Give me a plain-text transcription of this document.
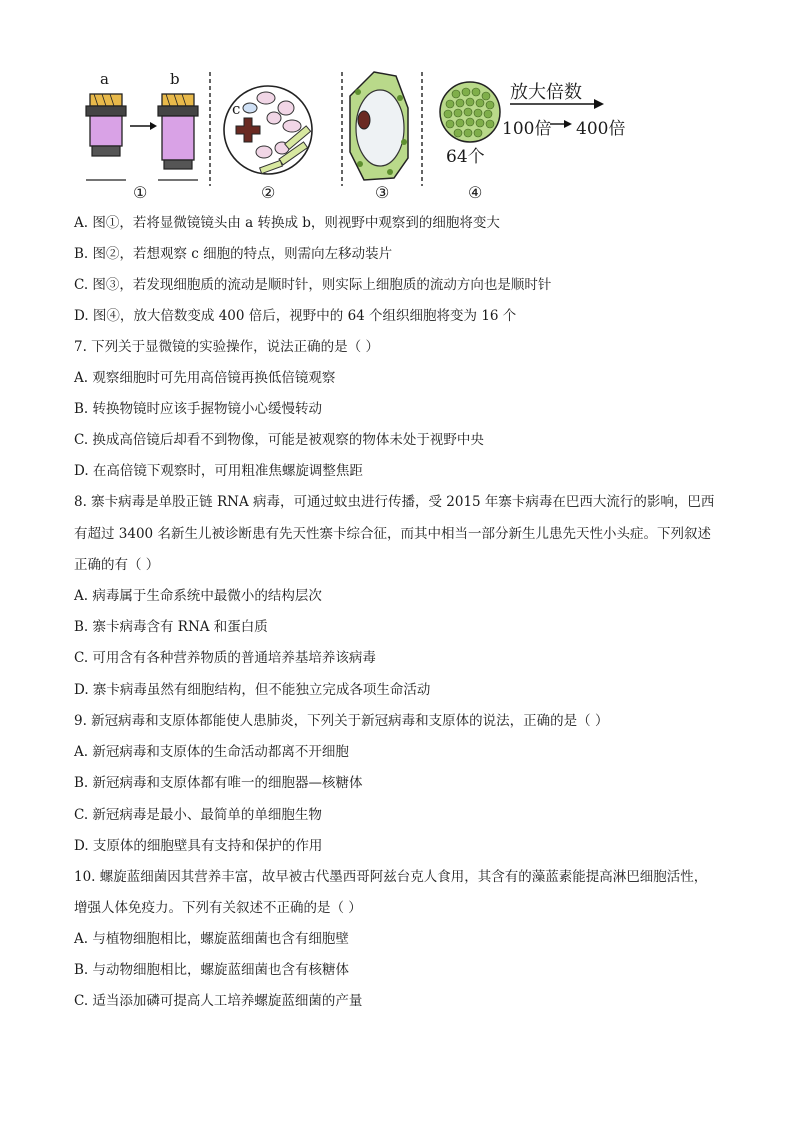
a	b
c
64个
放大倍数
100倍 400倍
①	②	③	④
A. 图①，若将显微镜镜头由 a 转换成 b，则视野中观察到的细胞将变大
B. 图②，若想观察 c 细胞的特点，则需向左移动装片
C. 图③，若发现细胞质的流动是顺时针，则实际上细胞质的流动方向也是顺时针
D. 图④，放大倍数变成 400 倍后，视野中的 64 个组织细胞将变为 16 个
7. 下列关于显微镜的实验操作，说法正确的是（ ）
A. 观察细胞时可先用高倍镜再换低倍镜观察
B. 转换物镜时应该手握物镜小心缓慢转动
C. 换成高倍镜后却看不到物像，可能是被观察的物体未处于视野中央
D. 在高倍镜下观察时，可用粗准焦螺旋调整焦距
8. 寨卡病毒是单股正链 RNA 病毒，可通过蚊虫进行传播，受 2015 年寨卡病毒在巴西大流行的影响，巴西
有超过 3400 名新生儿被诊断患有先天性寨卡综合征，而其中相当一部分新生儿患先天性小头症。下列叙述
正确的有（ ）
A. 病毒属于生命系统中最微小的结构层次
B. 寨卡病毒含有 RNA 和蛋白质
C. 可用含有各种营养物质的普通培养基培养该病毒
D. 寨卡病毒虽然有细胞结构，但不能独立完成各项生命活动
9. 新冠病毒和支原体都能使人患肺炎，下列关于新冠病毒和支原体的说法，正确的是（ ）
A. 新冠病毒和支原体的生命活动都离不开细胞
B. 新冠病毒和支原体都有唯一的细胞器—核糖体
C. 新冠病毒是最小、最简单的单细胞生物
D. 支原体的细胞壁具有支持和保护的作用
10. 螺旋蓝细菌因其营养丰富，故早被古代墨西哥阿兹台克人食用，其含有的藻蓝素能提高淋巴细胞活性，
增强人体免疫力。下列有关叙述不正确的是（ ）
A. 与植物细胞相比，螺旋蓝细菌也含有细胞壁
B. 与动物细胞相比，螺旋蓝细菌也含有核糖体
C. 适当添加磷可提高人工培养螺旋蓝细菌的产量
